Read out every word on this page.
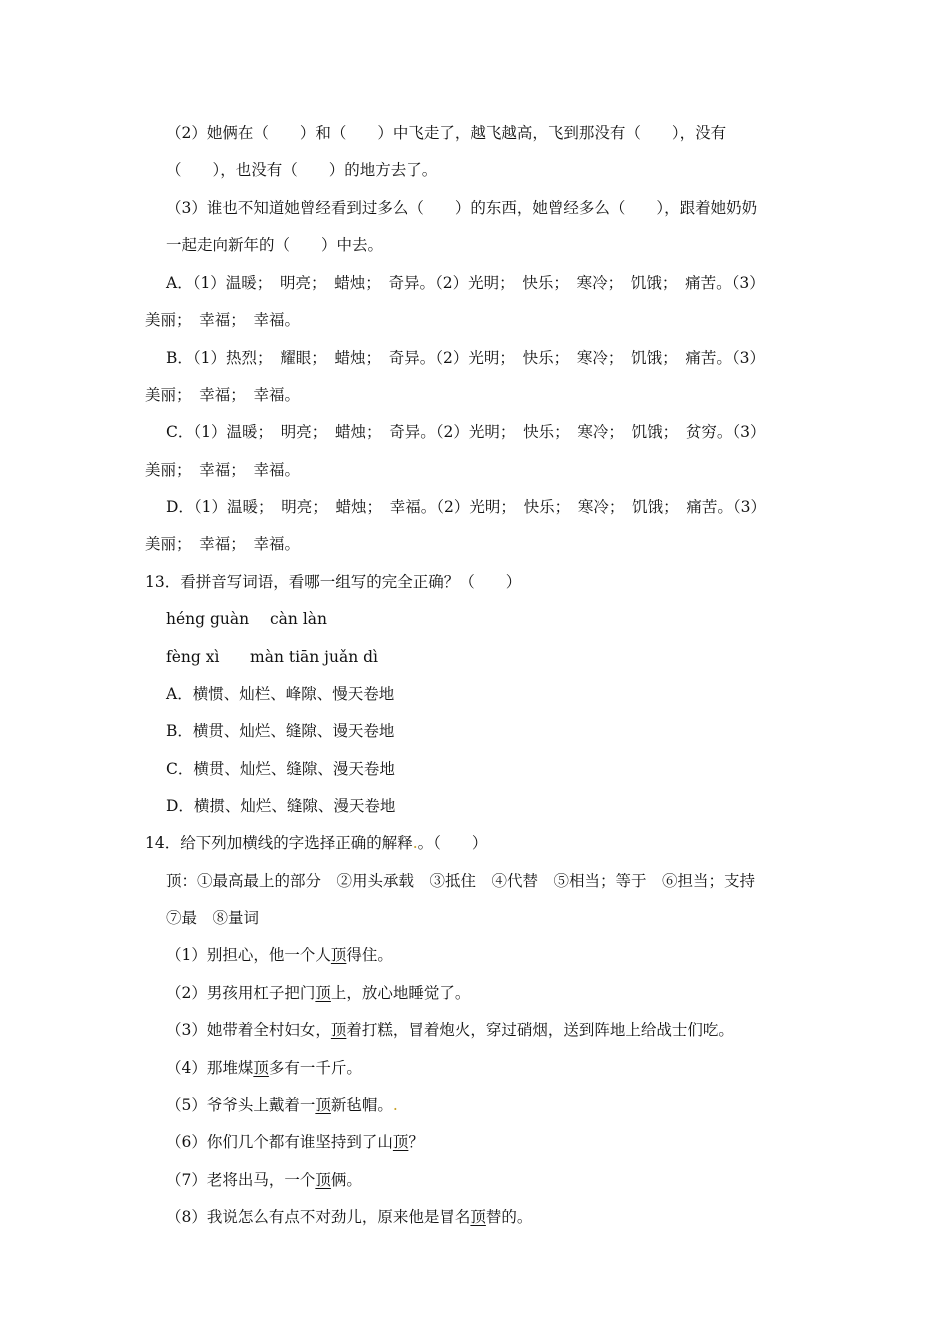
（2）她俩在（　　）和（　　）中飞走了，越飞越高，飞到那没有（　　），没有
（　　），也没有（　　）的地方去了。
（3）谁也不知道她曾经看到过多么（　　）的东西，她曾经多么（　　），跟着她奶奶
一起走向新年的（　　）中去。
A．（1）温暖；　明亮；　蜡烛；　奇异。（2）光明；　快乐；　寒冷；　饥饿；　痛苦。（3）
美丽；　幸福；　幸福。
B．（1）热烈；　耀眼；　蜡烛；　奇异。（2）光明；　快乐；　寒冷；　饥饿；　痛苦。（3）
美丽；　幸福；　幸福。
C．（1）温暖；　明亮；　蜡烛；　奇异。（2）光明；　快乐；　寒冷；　饥饿；　贫穷。（3）
美丽；　幸福；　幸福。
D．（1）温暖；　明亮；　蜡烛；　幸福。（2）光明；　快乐；　寒冷；　饥饿；　痛苦。（3）
美丽；　幸福；　幸福。
13．看拼音写词语，看哪一组写的完全正确？（　　）
héng guàn càn làn
fèng xì màn tiān juǎn dì
A．横惯、灿栏、峰隙、慢天卷地
B．横贯、灿烂、缝隙、谩天卷地
C．横贯、灿烂、缝隙、漫天卷地
D．横掼、灿烂、缝隙、漫天卷地
14．给下列加横线的字选择正确的解释.。（　　）
顶：①最高最上的部分　②用头承载　③抵住　④代替　⑤相当；等于　⑥担当；支持
⑦最　⑧量词
（1）别担心，他一个人顶得住。
（2）男孩用杠子把门顶上，放心地睡觉了。
（3）她带着全村妇女，顶着打糕，冒着炮火，穿过硝烟，送到阵地上给战士们吃。
（4）那堆煤顶多有一千斤。
（5）爷爷头上戴着一顶新毡帽。.
（6）你们几个都有谁坚持到了山顶？
（7）老将出马，一个顶俩。
（8）我说怎么有点不对劲儿，原来他是冒名顶替的。
